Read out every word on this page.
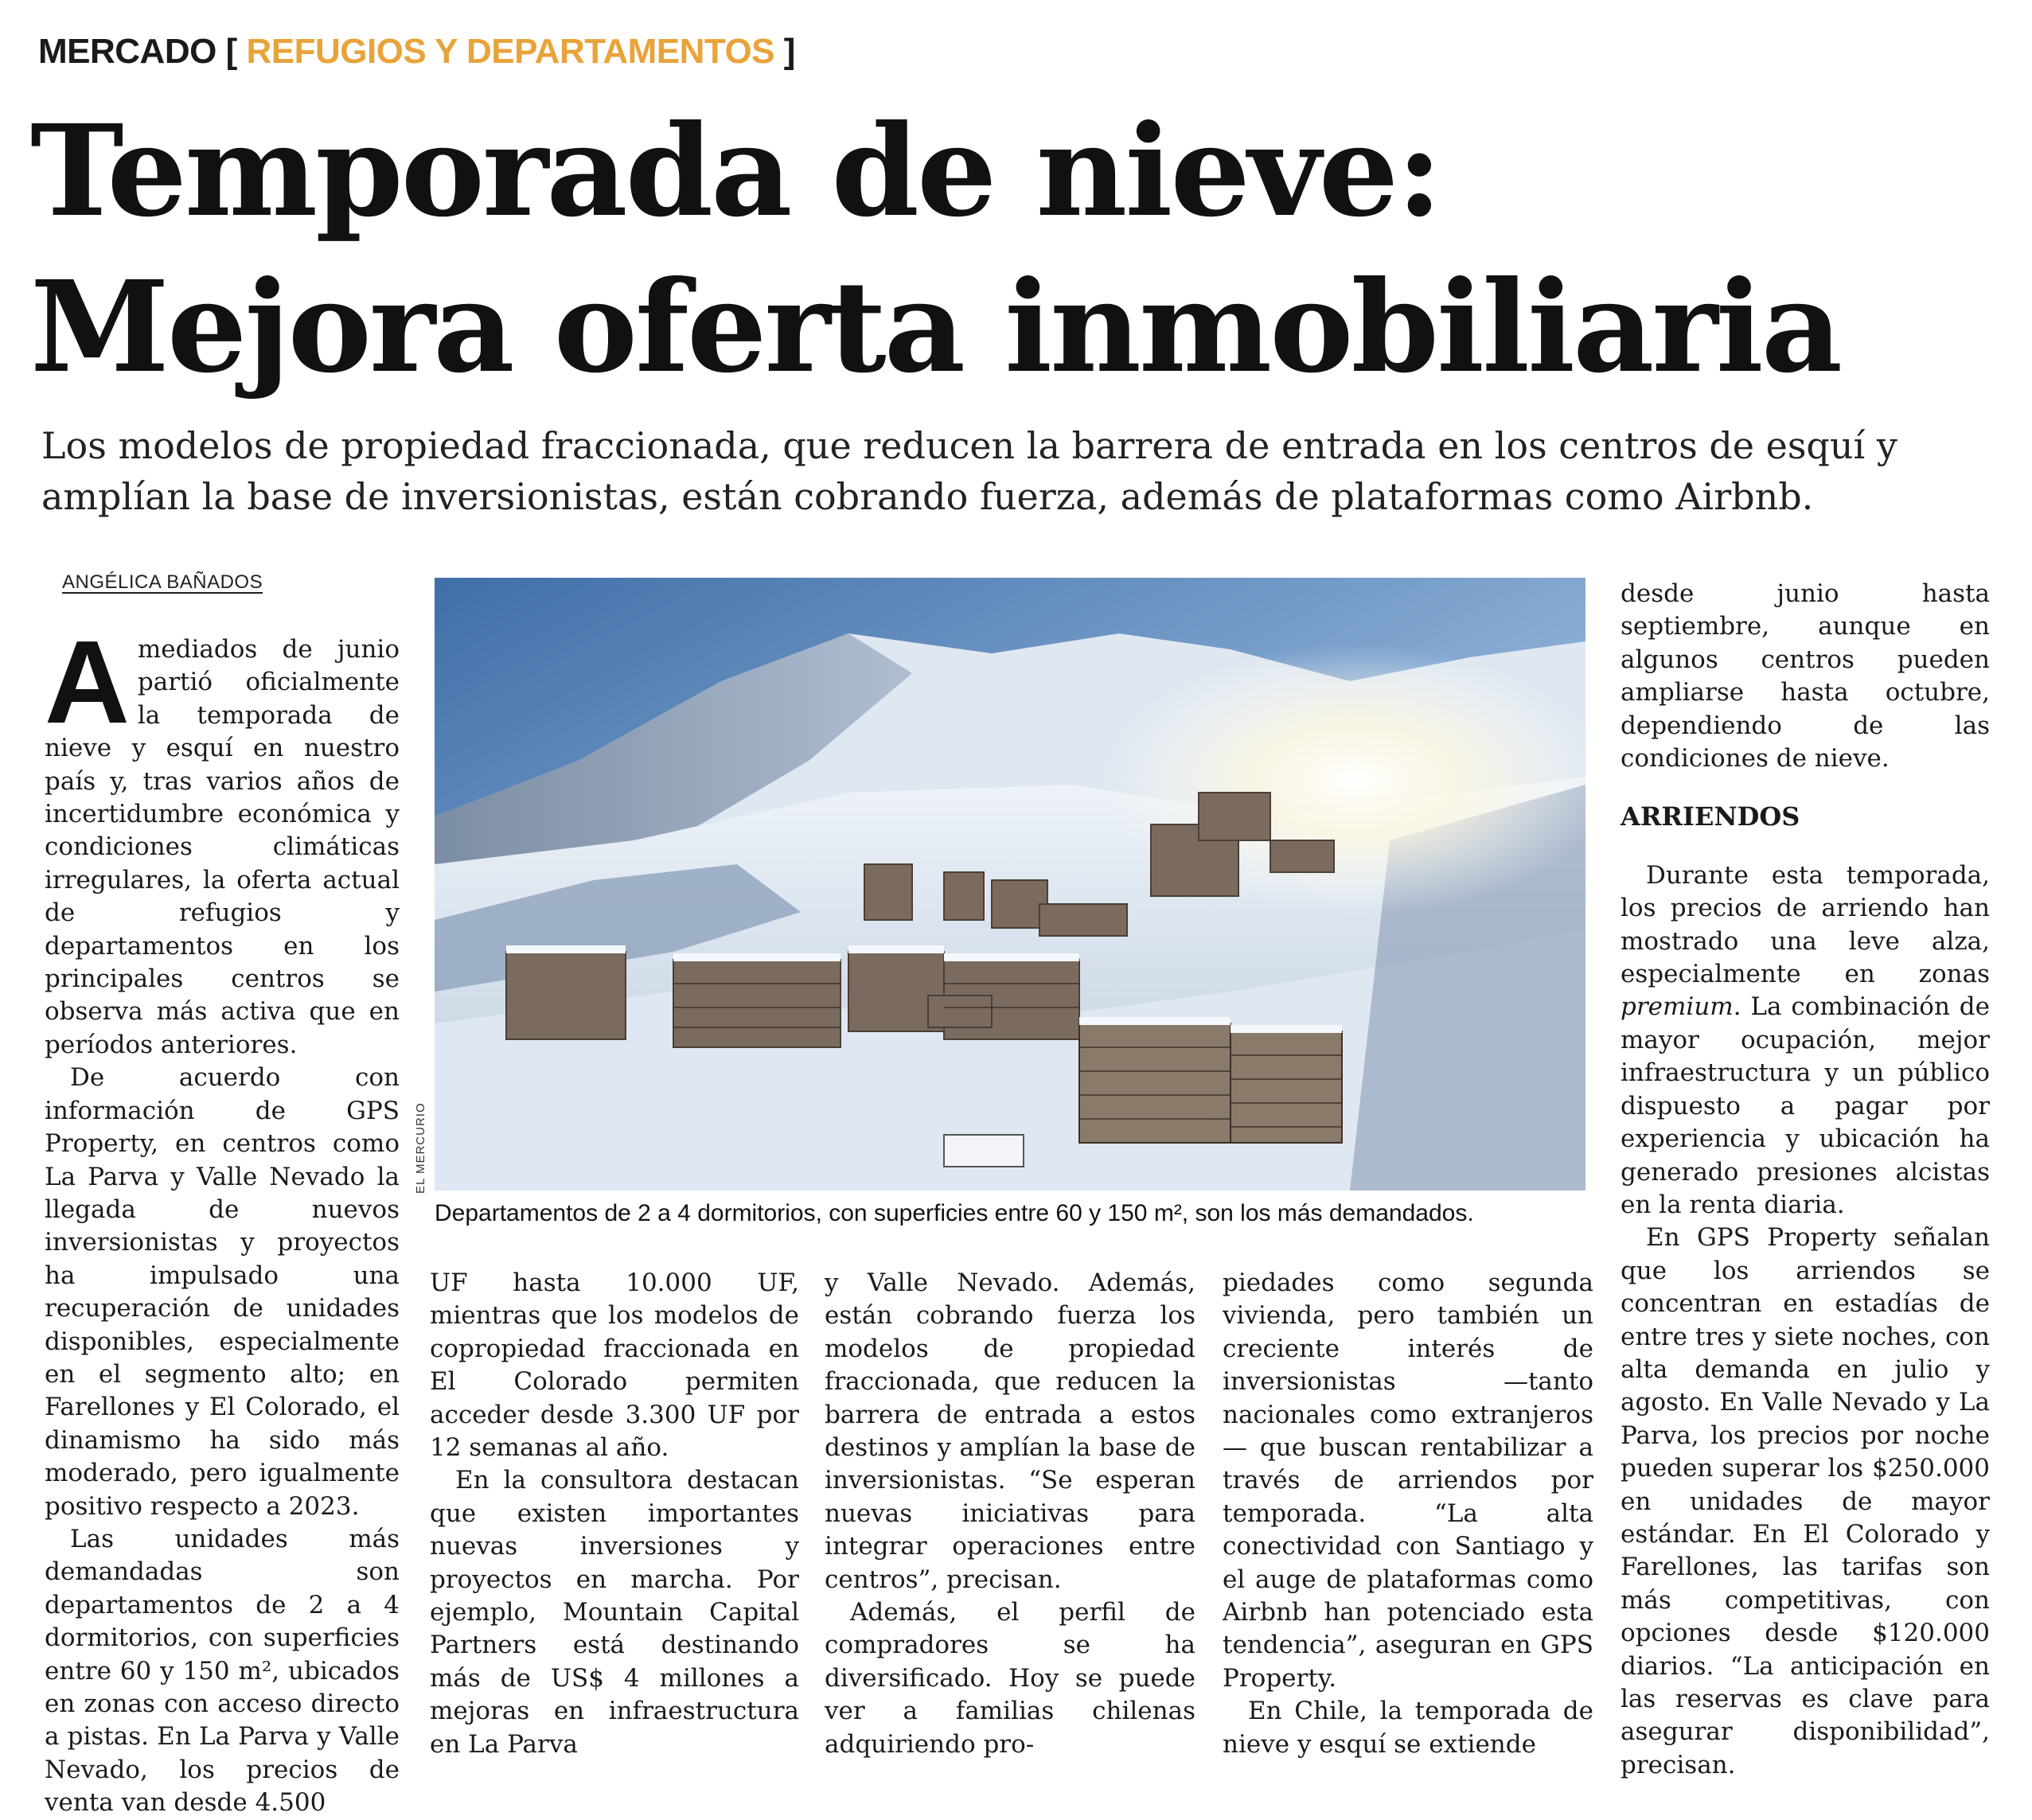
MERCADO [ REFUGIOS Y DEPARTAMENTOS ]
Temporada de nieve:
Mejora oferta inmobiliaria
Los modelos de propiedad fraccionada, que reducen la barrera de entrada en los centros de esquí y amplían la base de inversionistas, están cobrando fuerza, además de plataformas como Airbnb.
ANGÉLICA BAÑADOS

Amediados de junio partió oficialmente la temporada de nieve y esquí en nuestro país y, tras varios años de incertidumbre económica y condiciones climáticas irregulares, la oferta actual de refugios y departamentos en los principales centros se observa más activa que en períodos anteriores.

De acuerdo con información de GPS Property, en centros como La Parva y Valle Nevado la llegada de nuevos inversionistas y proyectos ha impulsado una recuperación de unidades disponibles, especialmente en el segmento alto; en Farellones y El Colorado, el dinamismo ha sido más moderado, pero igualmente positivo respecto a 2023.

Las unidades más demandadas son departamentos de 2 a 4 dormitorios, con superficies entre 60 y 150 m², ubicados en zonas con acceso directo a pistas. En La Parva y Valle Nevado, los precios de venta van desde 4.500

EL MERCURIO
Departamentos de 2 a 4 dormitorios, con superficies entre 60 y 150 m², son los más demandados.

UF hasta 10.000 UF, mientras que los modelos de copropiedad fraccionada en El Colorado permiten acceder desde 3.300 UF por 12 semanas al año.

En la consultora destacan que existen importantes nuevas inversiones y proyectos en marcha. Por ejemplo, Mountain Capital Partners está destinando más de US$ 4 millones a mejoras en infraestructura en La Parva

y Valle Nevado. Además, están cobrando fuerza los modelos de propiedad fraccionada, que reducen la barrera de entrada a estos destinos y amplían la base de inversionistas. “Se esperan nuevas iniciativas para integrar operaciones entre centros”, precisan.

Además, el perfil de compradores se ha diversificado. Hoy se puede ver a familias chilenas adquiriendo pro-

piedades como segunda vivienda, pero también un creciente interés de inversionistas —tanto nacionales como extranjeros— que buscan rentabilizar a través de arriendos por temporada. “La alta conectividad con Santiago y el auge de plataformas como Airbnb han potenciado esta tendencia”, aseguran en GPS Property.

En Chile, la temporada de nieve y esquí se extiende

desde junio hasta septiembre, aunque en algunos centros pueden ampliarse hasta octubre, dependiendo de las condiciones de nieve.

ARRIENDOS

Durante esta temporada, los precios de arriendo han mostrado una leve alza, especialmente en zonas premium. La combinación de mayor ocupación, mejor infraestructura y un público dispuesto a pagar por experiencia y ubicación ha generado presiones alcistas en la renta diaria.

En GPS Property señalan que los arriendos se concentran en estadías de entre tres y siete noches, con alta demanda en julio y agosto. En Valle Nevado y La Parva, los precios por noche pueden superar los $250.000 en unidades de mayor estándar. En El Colorado y Farellones, las tarifas son más competitivas, con opciones desde $120.000 diarios. “La anticipación en las reservas es clave para asegurar disponibilidad”, precisan.
